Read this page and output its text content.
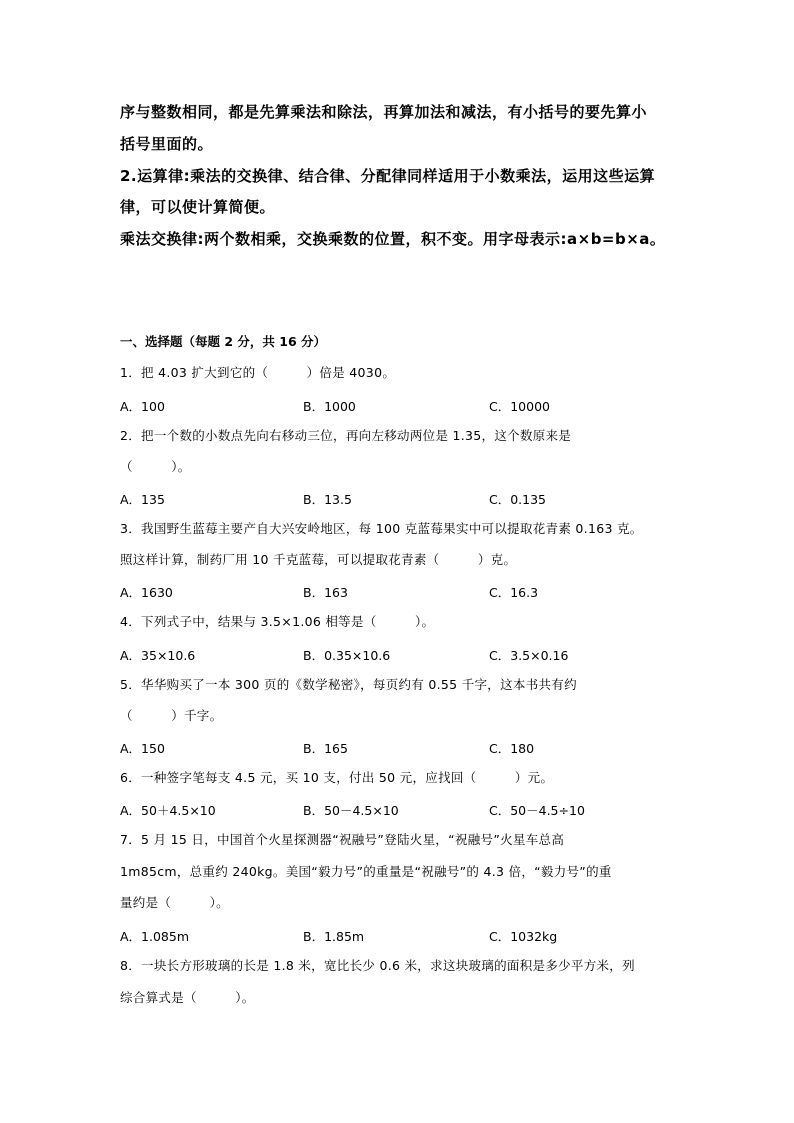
序与整数相同，都是先算乘法和除法，再算加法和减法，有小括号的要先算小

括号里面的。

2.运算律:乘法的交换律、结合律、分配律同样适用于小数乘法，运用这些运算

律，可以使计算简便。

乘法交换律:两个数相乘，交换乘数的位置，积不变。用字母表示:a×b=b×a。

一、选择题（每题 2 分，共 16 分）

1．把 4.03 扩大到它的（　　　）倍是 4030。

A．100	B．1000	C．10000

2．把一个数的小数点先向右移动三位，再向左移动两位是 1.35，这个数原来是

（　　　）。

A．135	B．13.5	C．0.135

3．我国野生蓝莓主要产自大兴安岭地区，每 100 克蓝莓果实中可以提取花青素 0.163 克。

照这样计算，制药厂用 10 千克蓝莓，可以提取花青素（　　　）克。

A．1630	B．163	C．16.3

4．下列式子中，结果与 3.5×1.06 相等是（　　　）。

A．35×10.6	B．0.35×10.6	C．3.5×0.16

5．华华购买了一本 300 页的《数学秘密》，每页约有 0.55 千字，这本书共有约

（　　　）千字。

A．150	B．165	C．180

6．一种签字笔每支 4.5 元，买 10 支，付出 50 元，应找回（　　　）元。

A．50＋4.5×10	B．50－4.5×10	C．50－4.5÷10

7．5 月 15 日，中国首个火星探测器“祝融号”登陆火星，“祝融号”火星车总高

1m85cm，总重约 240kg。美国“毅力号”的重量是“祝融号”的 4.3 倍，“毅力号”的重

量约是（　　　）。

A．1.085m	B．1.85m	C．1032kg

8．一块长方形玻璃的长是 1.8 米，宽比长少 0.6 米，求这块玻璃的面积是多少平方米，列

综合算式是（　　　）。
